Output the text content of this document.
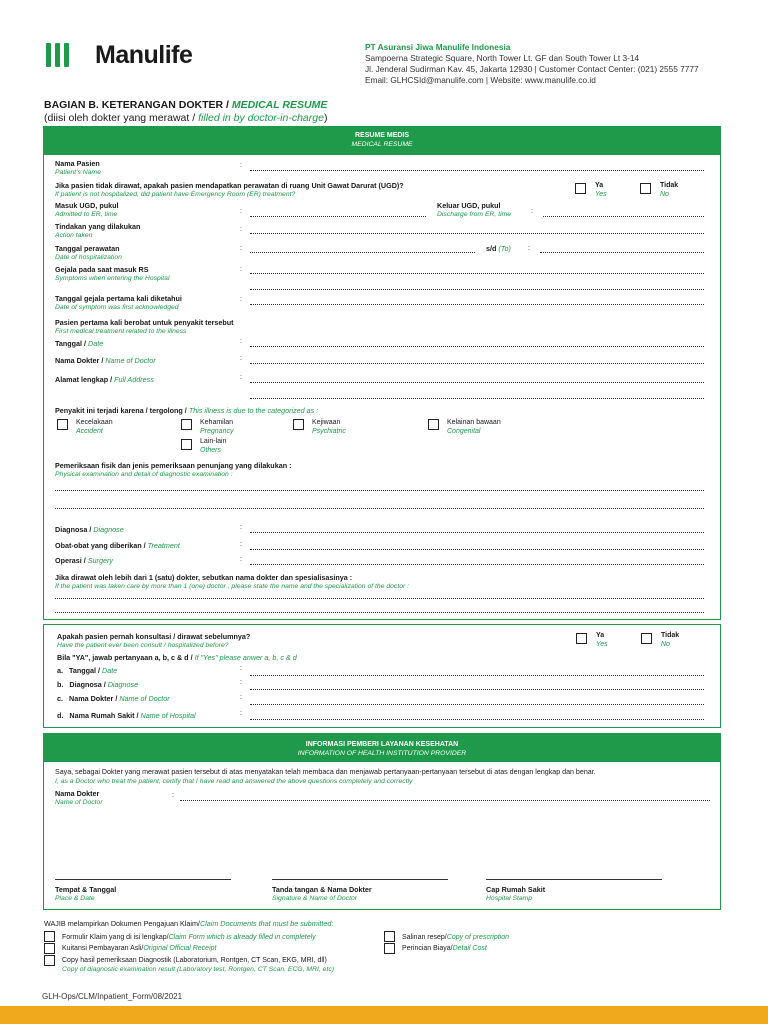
Manulife	PT Asuransi Jiwa Manulife Indonesia
Sampoerna Strategic Square, North Tower Lt. GF dan South Tower Lt 3-14
Jl. Jenderal Sudirman Kav. 45, Jakarta 12930 | Customer Contact Center: (021) 2555 7777
Email: GLHCSId@manulife.com | Website: www.manulife.co.id
BAGIAN B. KETERANGAN DOKTER / MEDICAL RESUME
(diisi oleh dokter yang merawat / filled in by doctor-in-charge)
RESUME MEDIS
MEDICAL RESUME
Nama Pasien
Patient's Name
:
Jika pasien tidak dirawat, apakah pasien mendapatkan perawatan di ruang Unit Gawat Darurat (UGD)?
If patient is not hospitalized, did patient have Emergency Room (ER) treatment?
Ya
Yes
Tidak
No
Masuk UGD, pukul
Admitted to ER, time	:
Keluar UGD, pukul
Discharge from ER, time	:
Tindakan yang dilakukan
Action taken
:
Tanggal perawatan
Date of hospitalization
:	s/d (To) :
Gejala pada saat masuk RS
Symptoms when entering the Hospital
:
Tanggal gejala pertama kali diketahui
Date of symptom was first acknowledged
:
Pasien pertama kali berobat untuk penyakit tersebut
First medical treatment related to the illness
Tanggal / Date	:
Nama Dokter / Name of Doctor	:
Alamat lengkap / Full Address	:
Penyakit ini terjadi karena / tergolong / This illness is due to the categorized as :
Kecelakaan
Accident
Kehamilan
Pregnancy
Kejiwaan
Psychiatric
Kelainan bawaan
Congenital
Lain-lain
Others
Pemeriksaan fisik dan jenis pemeriksaan penunjang yang dilakukan :
Physical examination and detail of diagnostic examination :
Diagnosa / Diagnose	:
Obat-obat yang diberikan / Treatment	:
Operasi / Surgery	:
Jika dirawat oleh lebih dari 1 (satu) dokter, sebutkan nama dokter dan spesialisasinya :
If the patient was taken care by more than 1 (one) doctor , please state the name and the specialization of the doctor :
Apakah pasien pernah konsultasi / dirawat sebelumnya?
Have the patient ever been consult / hospitalized before?
Ya
Yes
Tidak
No
Bila "YA", jawab pertanyaan a, b, c & d / If "Yes" please anwer a, b, c & d
a. Tanggal / Date	:
b. Diagnosa / Diagnose	:
c. Nama Dokter / Name of Doctor	:
d. Nama Rumah Sakit / Name of Hospital	:
INFORMASI PEMBERI LAYANAN KESEHATAN
INFORMATION OF HEALTH INSTITUTION PROVIDER
Saya, sebagai Dokter yang merawat pasien tersebut di atas menyatakan telah membaca dan menjawab pertanyaan-pertanyaan tersebut di atas dengan lengkap dan benar.
I, as a Doctor who treat the patient, certify that I have read and answered the above questions completely and correctly
Nama Dokter
Name of Doctor
:
Tempat & Tanggal
Place & Date
Tanda tangan & Nama Dokter
Signature & Name of Doctor
Cap Rumah Sakit
Hospital Stamp
WAJIB melampirkan Dokumen Pengajuan Klaim/Claim Documents that must be submitted:
Formulir Klaim yang di isi lengkap/Claim Form which is already filled in completely
Kuitansi Pembayaran Asli/Original Official Receipt
Copy hasil pemeriksaan Diagnostik (Laboratorium, Rontgen, CT Scan, EKG, MRI, dll)
Copy of diagnostic examination result (Laboratory test, Rontgen, CT Scan, ECG, MRI, etc)
Salinan resep/Copy of prescription
Perincian Biaya/Detail Cost
GLH-Ops/CLM/Inpatient_Form/08/2021
